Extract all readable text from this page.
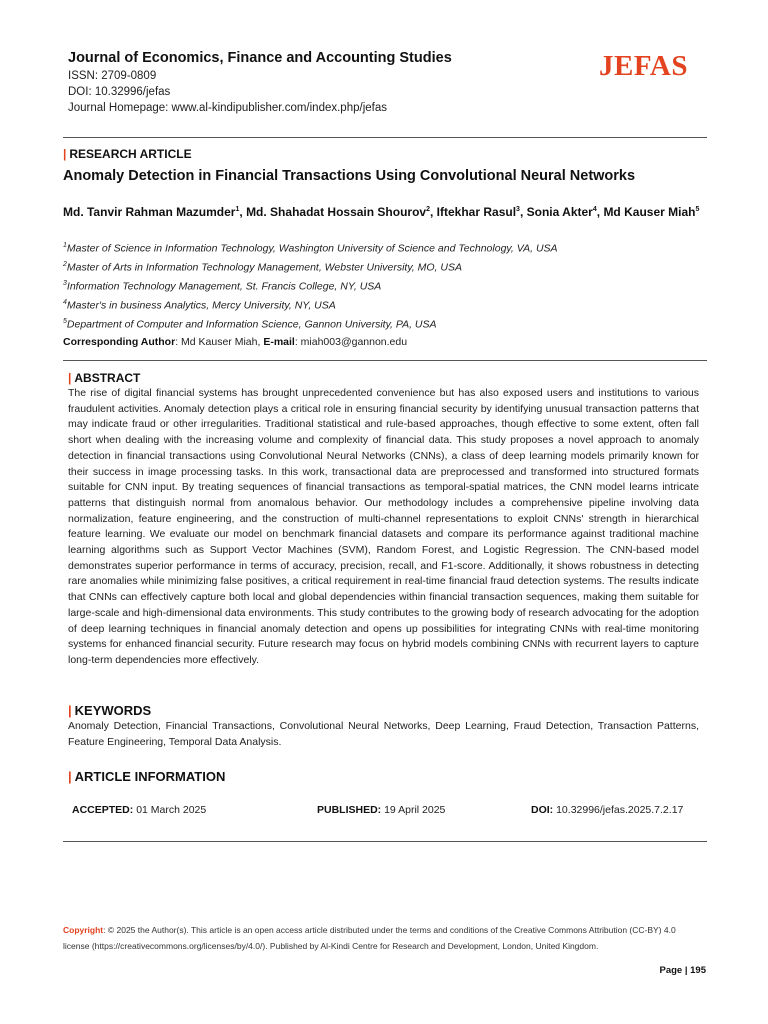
Journal of Economics, Finance and Accounting Studies
ISSN: 2709-0809
DOI: 10.32996/jefas
Journal Homepage: www.al-kindipublisher.com/index.php/jefas
JEFAS
| RESEARCH ARTICLE
Anomaly Detection in Financial Transactions Using Convolutional Neural Networks
Md. Tanvir Rahman Mazumder$^1$, Md. Shahadat Hossain Shourov$^2$, Iftekhar Rasul$^3$, Sonia Akter$^4$, Md Kauser Miah$^5$
$^1$Master of Science in Information Technology, Washington University of Science and Technology, VA, USA
$^2$Master of Arts in Information Technology Management, Webster University, MO, USA
$^3$Information Technology Management, St. Francis College, NY, USA
$^4$Master's in business Analytics, Mercy University, NY, USA
$^5$Department of Computer and Information Science, Gannon University, PA, USA
Corresponding Author: Md Kauser Miah, E-mail: miah003@gannon.edu
| ABSTRACT
The rise of digital financial systems has brought unprecedented convenience but has also exposed users and institutions to various fraudulent activities. Anomaly detection plays a critical role in ensuring financial security by identifying unusual transaction patterns that may indicate fraud or other irregularities. Traditional statistical and rule-based approaches, though effective to some extent, often fall short when dealing with the increasing volume and complexity of financial data. This study proposes a novel approach to anomaly detection in financial transactions using Convolutional Neural Networks (CNNs), a class of deep learning models primarily known for their success in image processing tasks. In this work, transactional data are preprocessed and transformed into structured formats suitable for CNN input. By treating sequences of financial transactions as temporal-spatial matrices, the CNN model learns intricate patterns that distinguish normal from anomalous behavior. Our methodology includes a comprehensive pipeline involving data normalization, feature engineering, and the construction of multi-channel representations to exploit CNNs' strength in hierarchical feature learning. We evaluate our model on benchmark financial datasets and compare its performance against traditional machine learning algorithms such as Support Vector Machines (SVM), Random Forest, and Logistic Regression. The CNN-based model demonstrates superior performance in terms of accuracy, precision, recall, and F1-score. Additionally, it shows robustness in detecting rare anomalies while minimizing false positives, a critical requirement in real-time financial fraud detection systems. The results indicate that CNNs can effectively capture both local and global dependencies within financial transaction sequences, making them suitable for large-scale and high-dimensional data environments. This study contributes to the growing body of research advocating for the adoption of deep learning techniques in financial anomaly detection and opens up possibilities for integrating CNNs with real-time monitoring systems for enhanced financial security. Future research may focus on hybrid models combining CNNs with recurrent layers to capture long-term dependencies more effectively.
| KEYWORDS
Anomaly Detection, Financial Transactions, Convolutional Neural Networks, Deep Learning, Fraud Detection, Transaction Patterns, Feature Engineering, Temporal Data Analysis.
| ARTICLE INFORMATION
ACCEPTED: 01 March 2025	PUBLISHED: 19 April 2025	DOI: 10.32996/jefas.2025.7.2.17
Copyright: © 2025 the Author(s). This article is an open access article distributed under the terms and conditions of the Creative Commons Attribution (CC-BY) 4.0 license (https://creativecommons.org/licenses/by/4.0/). Published by Al-Kindi Centre for Research and Development, London, United Kingdom.
Page | 195
